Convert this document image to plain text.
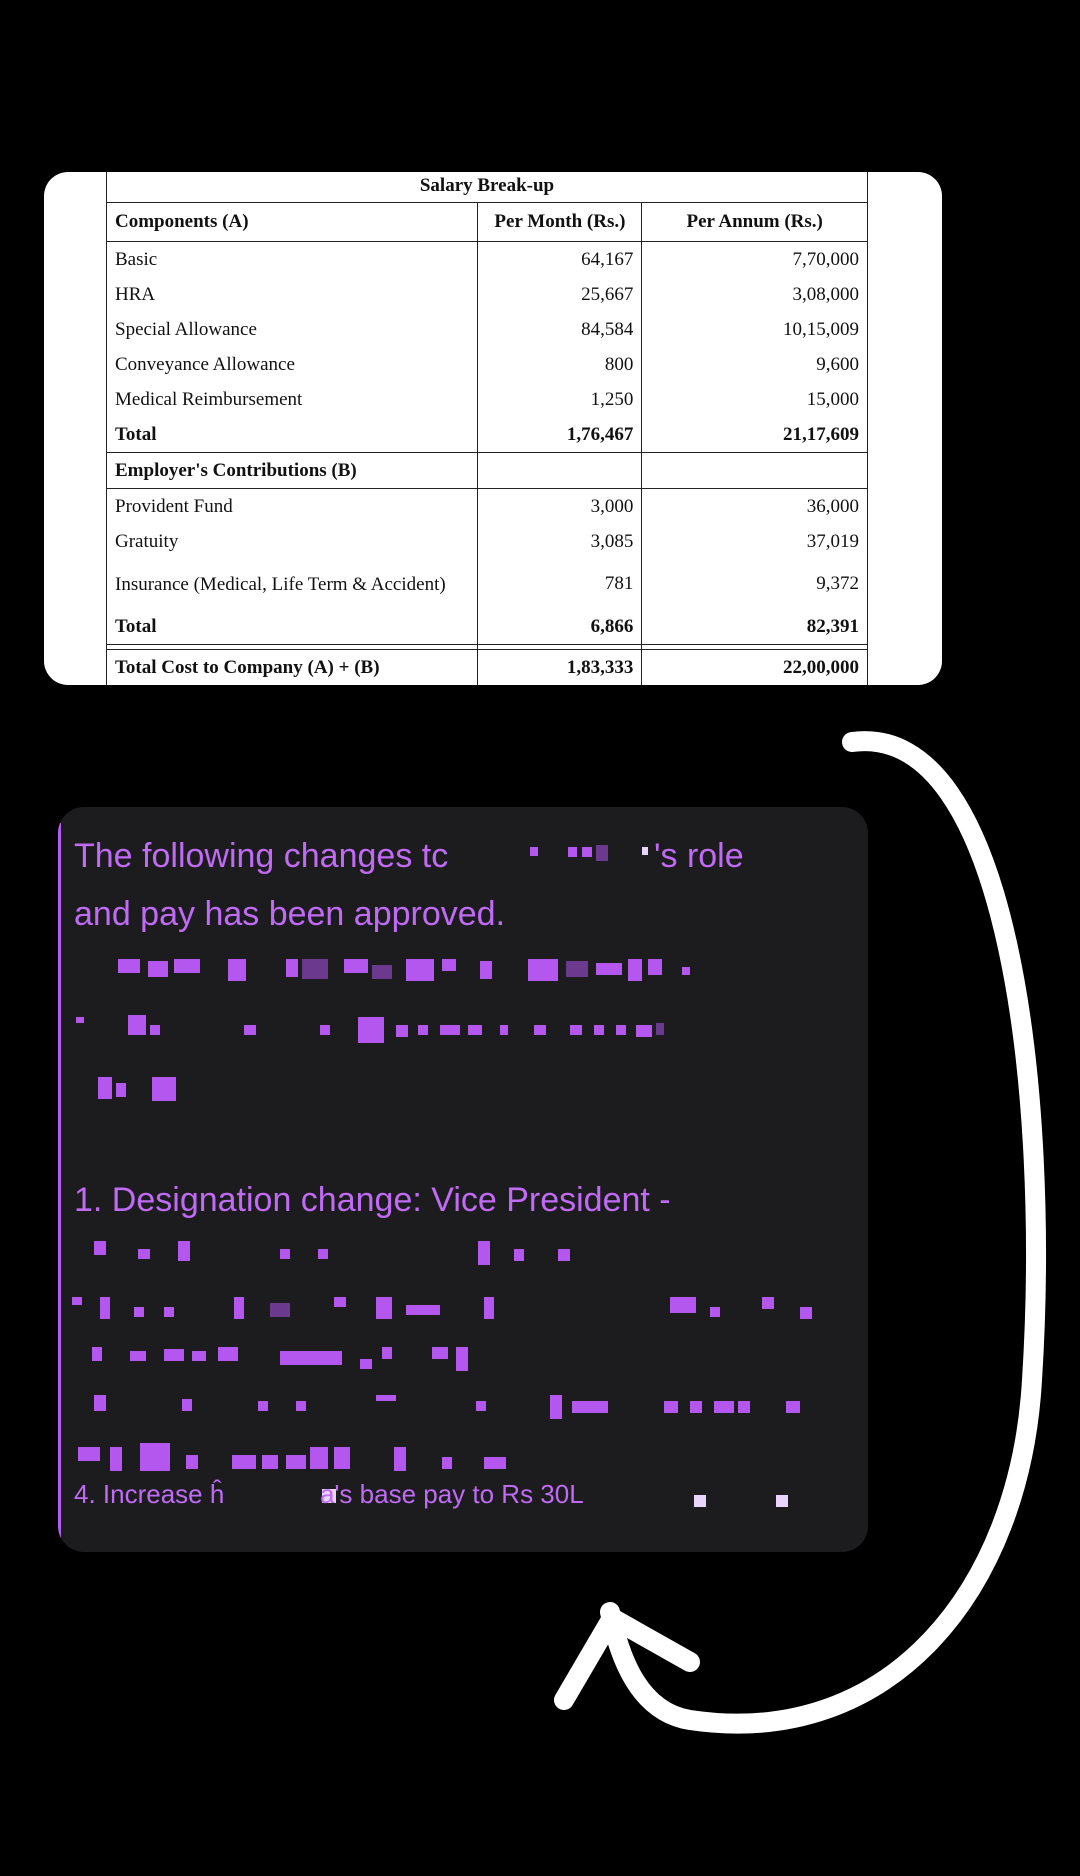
Salary Break-up		
Components (A)	Per Month (Rs.)	Per Annum (Rs.)
Basic	64,167	7,70,000
HRA	25,667	3,08,000
Special Allowance	84,584	10,15,009
Conveyance Allowance	800	9,600
Medical Reimbursement	1,250	15,000
Total	1,76,467	21,17,609
Employer's Contributions (B)		
Provident Fund	3,000	36,000
Gratuity	3,085	37,019
Insurance (Medical, Life Term & Accident)	781	9,372
Total	6,866	82,391

Total Cost to Company (A) + (B)	1,83,333	22,00,000
The following changes tc	's role
and pay has been approved.
1. Designation change: Vice President -
4. Increase ĥ	a's base pay to Rs 30L
